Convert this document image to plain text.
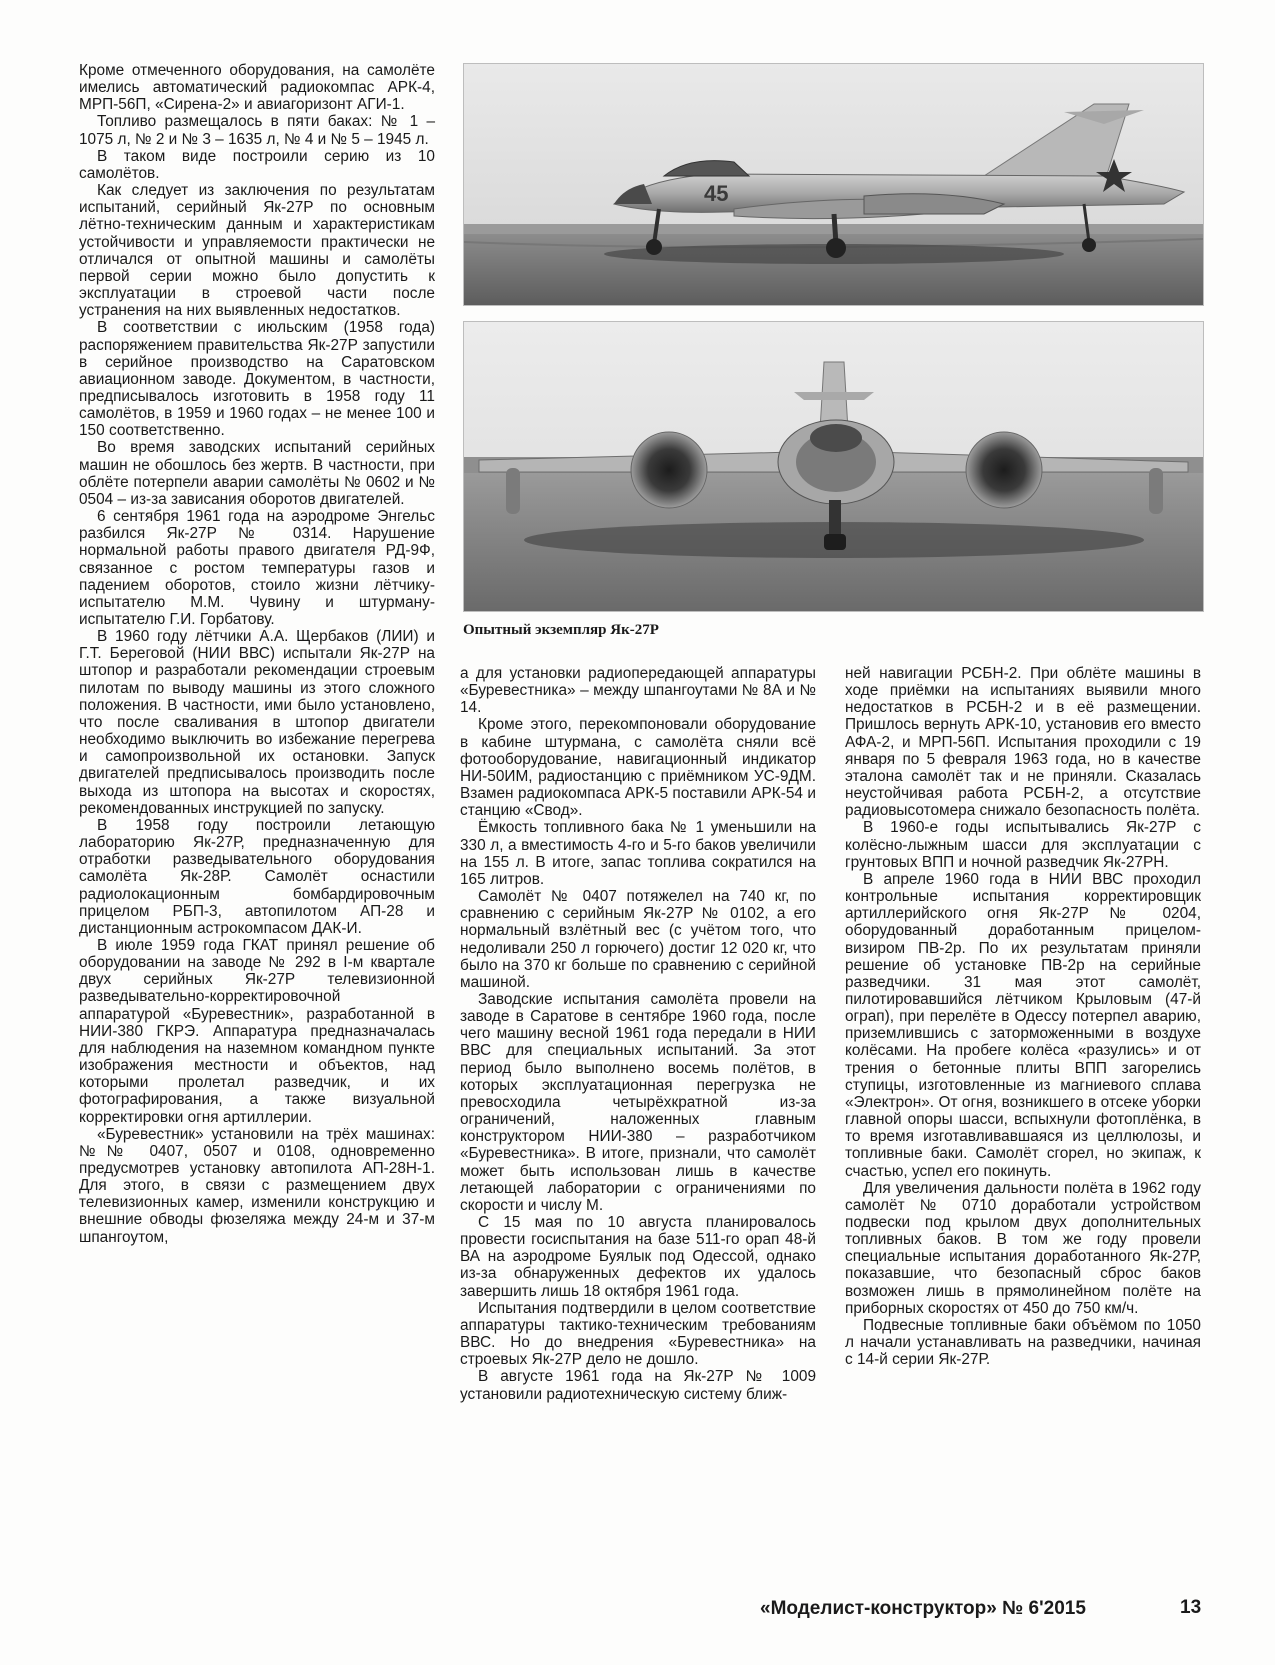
Кроме отмеченного оборудования, на самолёте имелись автоматический радиокомпас АРК-4, МРП-56П, «Сирена-2» и авиагоризонт АГИ-1.

Топливо размещалось в пяти баках: № 1 – 1075 л, № 2 и № 3 – 1635 л, № 4 и № 5 – 1945 л.

В таком виде построили серию из 10 самолётов.

Как следует из заключения по результатам испытаний, серийный Як-27Р по основным лётно-техническим данным и характеристикам устойчивости и управляемости практически не отличался от опытной машины и самолёты первой серии можно было допустить к эксплуатации в строевой части после устранения на них выявленных недостатков.

В соответствии с июльским (1958 года) распоряжением правительства Як-27Р запустили в серийное производство на Саратовском авиационном заводе. Документом, в частности, предписывалось изготовить в 1958 году 11 самолётов, в 1959 и 1960 годах – не менее 100 и 150 соответственно.

Во время заводских испытаний серийных машин не обошлось без жертв. В частности, при облёте потерпели аварии самолёты № 0602 и № 0504 – из-за зависания оборотов двигателей.

6 сентября 1961 года на аэродроме Энгельс разбился Як-27Р № 0314. Нарушение нормальной работы правого двигателя РД-9Ф, связанное с ростом температуры газов и падением оборотов, стоило жизни лётчику-испытателю М.М. Чувину и штурману-испытателю Г.И. Горбатову.

В 1960 году лётчики А.А. Щербаков (ЛИИ) и Г.Т. Береговой (НИИ ВВС) испытали Як-27Р на штопор и разработали рекомендации строевым пилотам по выводу машины из этого сложного положения. В частности, ими было установлено, что после сваливания в штопор двигатели необходимо выключить во избежание перегрева и самопроизвольной их остановки. Запуск двигателей предписывалось производить после выхода из штопора на высотах и скоростях, рекомендованных инструкцией по запуску.

В 1958 году построили летающую лабораторию Як-27Р, предназначенную для отработки разведывательного оборудования самолёта Як-28Р. Самолёт оснастили радиолокационным бомбардировочным прицелом РБП-3, автопилотом АП-28 и дистанционным астрокомпасом ДАК-И.

В июле 1959 года ГКАТ принял решение об оборудовании на заводе № 292 в I-м квартале двух серийных Як-27Р телевизионной разведывательно-корректировочной аппаратурой «Буревестник», разработанной в НИИ-380 ГКРЭ. Аппаратура предназначалась для наблюдения на наземном командном пункте изображения местности и объектов, над которыми пролетал разведчик, и их фотографирования, а также визуальной корректировки огня артиллерии.

«Буревестник» установили на трёх машинах: №№ 0407, 0507 и 0108, одновременно предусмотрев установку автопилота АП-28Н-1. Для этого, в связи с размещением двух телевизионных камер, изменили конструкцию и внешние обводы фюзеляжа между 24-м и 37-м шпангоутом,

45
Опытный экземпляр Як-27Р

а для установки радиопередающей аппаратуры «Буревестника» – между шпангоутами № 8А и № 14.

Кроме этого, перекомпоновали оборудование в кабине штурмана, с самолёта сняли всё фотооборудование, навигационный индикатор НИ-50ИМ, радиостанцию с приёмником УС-9ДМ. Взамен радиокомпаса АРК-5 поставили АРК-54 и станцию «Свод».

Ёмкость топливного бака № 1 уменьшили на 330 л, а вместимость 4-го и 5-го баков увеличили на 155 л. В итоге, запас топлива сократился на 165 литров.

Самолёт № 0407 потяжелел на 740 кг, по сравнению с серийным Як-27Р № 0102, а его нормальный взлётный вес (с учётом того, что недоливали 250 л горючего) достиг 12 020 кг, что было на 370 кг больше по сравнению с серийной машиной.

Заводские испытания самолёта провели на заводе в Саратове в сентябре 1960 года, после чего машину весной 1961 года передали в НИИ ВВС для специальных испытаний. За этот период было выполнено восемь полётов, в которых эксплуатационная перегрузка не превосходила четырёхкратной из-за ограничений, наложенных главным конструктором НИИ-380 – разработчиком «Буревестника». В итоге, признали, что самолёт может быть использован лишь в качестве летающей лаборатории с ограничениями по скорости и числу М.

С 15 мая по 10 августа планировалось провести госиспытания на базе 511-го орап 48-й ВА на аэродроме Буялык под Одессой, однако из-за обнаруженных дефектов их удалось завершить лишь 18 октября 1961 года.

Испытания подтвердили в целом соответствие аппаратуры тактико-техническим требованиям ВВС. Но до внедрения «Буревестника» на строевых Як-27Р дело не дошло.

В августе 1961 года на Як-27Р № 1009 установили радиотехническую систему ближ-

ней навигации РСБН-2. При облёте машины в ходе приёмки на испытаниях выявили много недостатков в РСБН-2 и в её размещении. Пришлось вернуть АРК-10, установив его вместо АФА-2, и МРП-56П. Испытания проходили с 19 января по 5 февраля 1963 года, но в качестве эталона самолёт так и не приняли. Сказалась неустойчивая работа РСБН-2, а отсутствие радиовысотомера снижало безопасность полёта.

В 1960-е годы испытывались Як-27Р с колёсно-лыжным шасси для эксплуатации с грунтовых ВПП и ночной разведчик Як-27РН.

В апреле 1960 года в НИИ ВВС проходил контрольные испытания корректировщик артиллерийского огня Як-27Р № 0204, оборудованный доработанным прицелом-визиром ПВ-2р. По их результатам приняли решение об установке ПВ-2р на серийные разведчики. 31 мая этот самолёт, пилотировавшийся лётчиком Крыловым (47-й ограп), при перелёте в Одессу потерпел аварию, приземлившись с заторможенными в воздухе колёсами. На пробеге колёса «разулись» и от трения о бетонные плиты ВПП загорелись ступицы, изготовленные из магниевого сплава «Электрон». От огня, возникшего в отсеке уборки главной опоры шасси, вспыхнули фотоплёнка, в то время изготавливавшаяся из целлюлозы, и топливные баки. Самолёт сгорел, но экипаж, к счастью, успел его покинуть.

Для увеличения дальности полёта в 1962 году самолёт № 0710 доработали устройством подвески под крылом двух дополнительных топливных баков. В том же году провели специальные испытания доработанного Як-27Р, показавшие, что безопасный сброс баков возможен лишь в прямолинейном полёте на приборных скоростях от 450 до 750 км/ч.

Подвесные топливные баки объёмом по 1050 л начали устанавливать на разведчики, начиная с 14-й серии Як-27Р.

«Моделист-конструктор» № 6'2015	13
